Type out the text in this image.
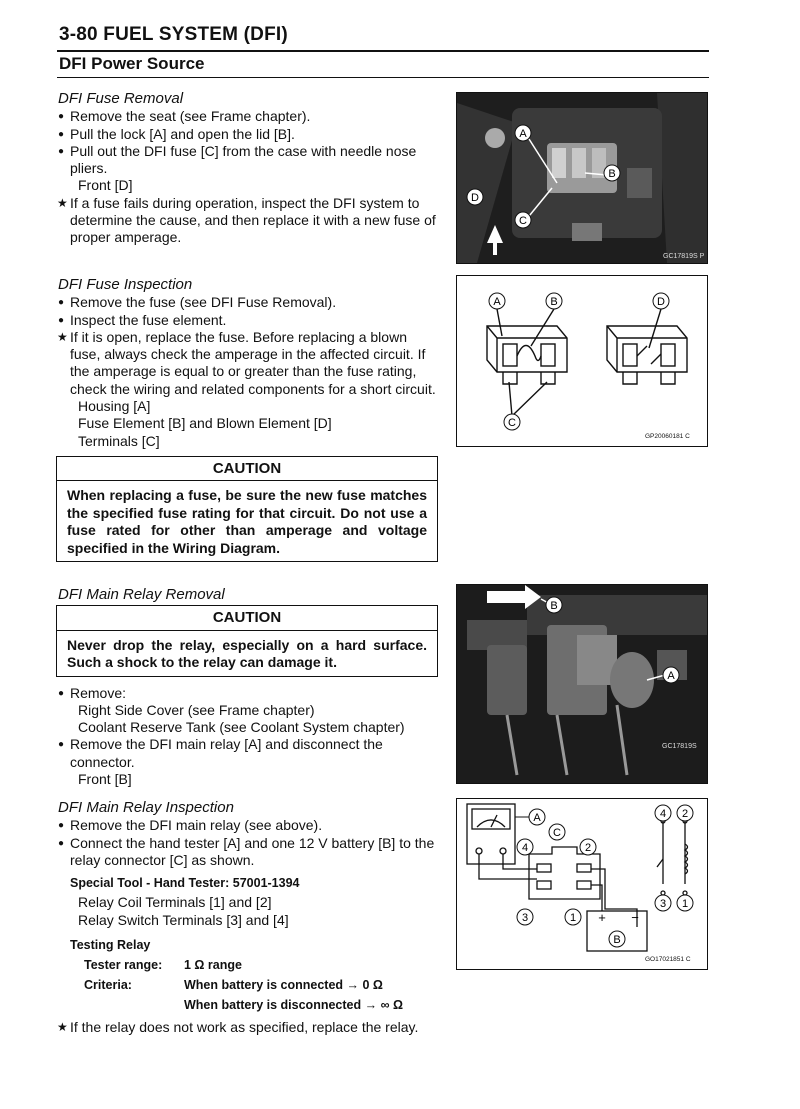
3-80 FUEL SYSTEM (DFI)
DFI Power Source
DFI Fuse Removal
● Remove the seat (see Frame chapter).
● Pull the lock [A] and open the lid [B].
● Pull out the DFI fuse [C] from the case with needle nose pliers.
Front [D]
★ If a fuse fails during operation, inspect the DFI system to determine the cause, and then replace it with a new fuse of proper amperage.
DFI Fuse Inspection
● Remove the fuse (see DFI Fuse Removal).
● Inspect the fuse element.
★ If it is open, replace the fuse. Before replacing a blown fuse, always check the amperage in the affected circuit. If the amperage is equal to or greater than the fuse rating, check the wiring and related components for a short circuit.
Housing [A]
Fuse Element [B] and Blown Element [D]
Terminals [C]
CAUTION
When replacing a fuse, be sure the new fuse matches the specified fuse rating for that circuit. Do not use a fuse rated for other than amperage and voltage specified in the Wiring Diagram.
DFI Main Relay Removal
CAUTION
Never drop the relay, especially on a hard surface. Such a shock to the relay can damage it.
● Remove:
Right Side Cover (see Frame chapter)
Coolant Reserve Tank (see Coolant System chapter)
● Remove the DFI main relay [A] and disconnect the connector.
Front [B]
DFI Main Relay Inspection
● Remove the DFI main relay (see above).
● Connect the hand tester [A] and one 12 V battery [B] to the relay connector [C] as shown.
Special Tool - Hand Tester: 57001-1394
Relay Coil Terminals [1] and [2]
Relay Switch Terminals [3] and [4]
Testing Relay
Tester range:	1 Ω range
Criteria:	When battery is connected → 0 Ω
When battery is disconnected → ∞ Ω
★ If the relay does not work as specified, replace the relay.
A
B
C
D
GC17819S P
A	B	D
C
GP20060181 C
B
A
GC17819S
A
C
4	2
3	1 + −
B
4 2
3 1
GO17021851 C
